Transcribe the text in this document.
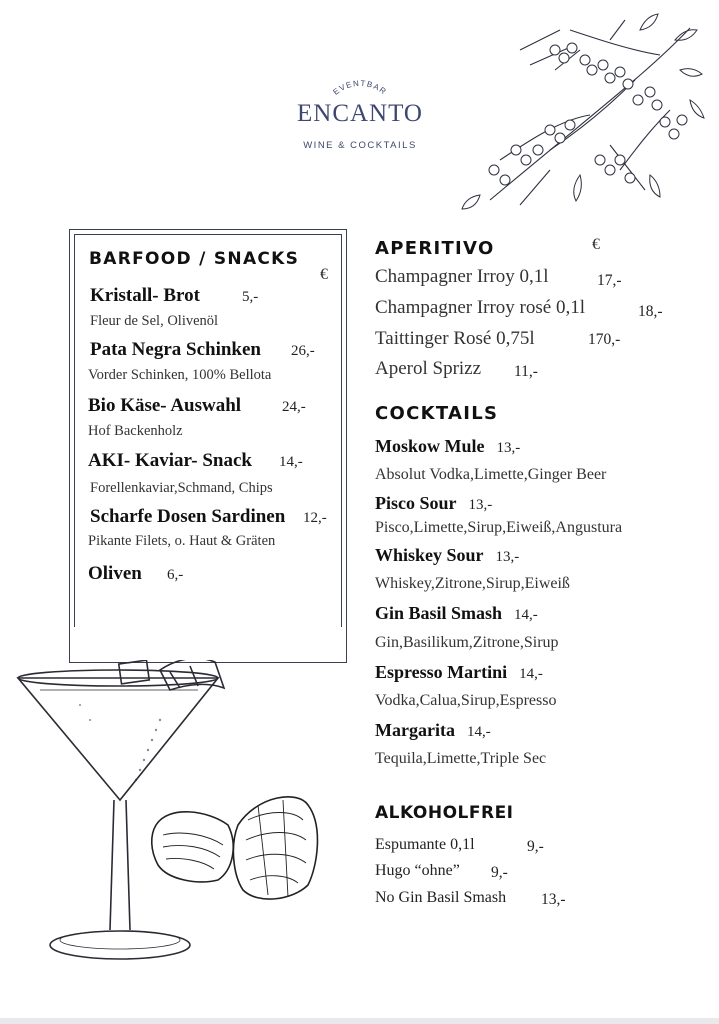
EVENTBAR
ENCANTO
WINE & COCKTAILS
BARFOOD / SNACKS
€
Kristall- Brot	5,-
Fleur de Sel, Olivenöl
Pata Negra Schinken 26,-
Vorder Schinken, 100% Bellota
Bio Käse- Auswahl	24,-
Hof Backenholz
AKI- Kaviar- Snack 14,-
Forellenkaviar,Schmand, Chips
Scharfe Dosen Sardinen 12,-
Pikante Filets, o. Haut & Gräten
Oliven 6,-
APERITIVO	€
Champagner Irroy 0,1l	17,-
Champagner Irroy rosé 0,1l	18,-
Taittinger Rosé 0,75l	170,-
Aperol Sprizz 11,-
COCKTAILS
Moskow Mule 13,-
Absolut Vodka,Limette,Ginger Beer
Pisco Sour 13,-
Pisco,Limette,Sirup,Eiweiß,Angustura
Whiskey Sour 13,-
Whiskey,Zitrone,Sirup,Eiweiß
Gin Basil Smash 14,-
Gin,Basilikum,Zitrone,Sirup
Espresso Martini 14,-
Vodka,Calua,Sirup,Espresso
Margarita 14,-
Tequila,Limette,Triple Sec
ALKOHOLFREI
Espumante 0,1l	9,-
Hugo “ohne” 9,-
No Gin Basil Smash 13,-
